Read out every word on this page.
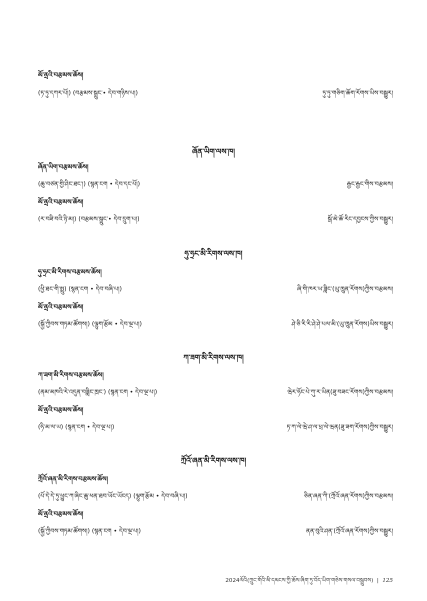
མོ་ནྲའི་བརྩམས་ཆོས།
(ཏ་ཏུ་དཀར་པོ།) (བརྩམས་སྒྲུང་• དེབ་གཉིས་པ།)	ཏུ་ཏུ་གཅིག་ཆོག་རོགས་ཡིས་བསྒྱུར།
ཞོན་ཡིག་ལས་ཁ།
ཞོན་ཡིག་བརྩམས་ཆོས།
(ཆུ་བཙན་གྱི་ཤིང་ཐང་།) (སྙན་ངག • དེབ་དང་པོ།)	རྒྱང་རྒྱང་གིས་བརྩམས།
མོ་ནྲའི་བརྩམས་ཆོས།
(ར་བཟི་བའི་ཉི་མ།) (བརྩམས་སྒྲུང་• དེབ་དྲུག་པ།)	སྒོ་མེ་ཆོ་རིང་དབྱངས་ཀྱིས་བསྒྱུར།
ཧུ་ཧྲང་མི་རིགས་ལས་ཁ།
ཧུ་ཧྲང་མི་རིགས་བརྩམས་ཆོས།
(ཕྱི་ཐང་གི་སྤྲུ) (སྙན་ངག • དེབ་བཞི་པ།)	ཞི་གི་ཁར་ཡ་ཟླིང་(ཡུ་ཁྲུན་རོགས)ཀྱིས་བརྩམས།
མོ་ནྲའི་བརྩམས་ཆོས།
(སྐྱོ་ཀྱིབས་གཏམ་ཚོགས།) (ལྷུག་རྩོམ • དེབ་ལྔ་པ།)	ཤེ་ཅི་རི་རི་ཤེ་ཤེ་པལ་མི་(ཡུ་ཁྲུན་རོགས)ཡིས་བསྒྱུར།
ཀ་ཟག་མི་རིགས་ལས་ཁ།
ཀ་ཟག་མི་རིགས་བརྩམས་ཆོས།
(ནམ་མཁའི་རེ་འདུན་བཟླིང་ཁྲང་) (སྙན་ངག • དེབ་ལྔ་པ།)	ཝེར་ཧོང་པེ་ཀུ་ར་ཡིན(ཟུ་བཟང་རོགས)ཀྱིས་བརྩམས།
མོ་ནྲའི་བརྩམས་ཆོས།
(ཧི་མ་ལ་ཡ) (སྙན་ངག • དེབ་ལྔ་པ།)	ཏ་ཀ་ལེ་ཝེ་ཤ་ལ་ཕྲ་ལེ་ཝན(ཟུ་ཟག་རོགས)ཀྱིས་བསྒྱུར།
ཀྲོའོ་ཞན་མི་རིགས་ལས་ཁ།
ཀྲོའོ་ཞན་མི་རིགས་བརྩམས་ཆོས།
(པོ་དེ་དེ་ཏུ་ཕྱུང་ཀ་ཞིང་ཆུ་ཕན་ཐབ་ཡོང་ཡོངད) (ལྷུག་རྩོམ • དེབ་བཞི་པ།)	ཅིན་ཞན་ཀི་(ཀྲོའོ་ཞན་རོགས)ཀྱིས་བརྩམས།
མོ་ནྲའི་བརྩམས་ཆོས།
(སྐྱོ་ཀྱིབས་གཏམ་ཚོགས།) (སྙན་ངག • དེབ་ལྔ་པ།)	ནན་བུའི་ཤན་(ཀྲོའོ་ཞན་རོགས)ཀྱིས་བསྒྱུར།
2024ལོའི(ཀྲུང་གོའི་མི་དམངས་ཀྱི་ཆོས་ཞིག་ཏུ་བོད་ཡིག་གཅེས་གསལ་བསྒྲུབས)  |  125
